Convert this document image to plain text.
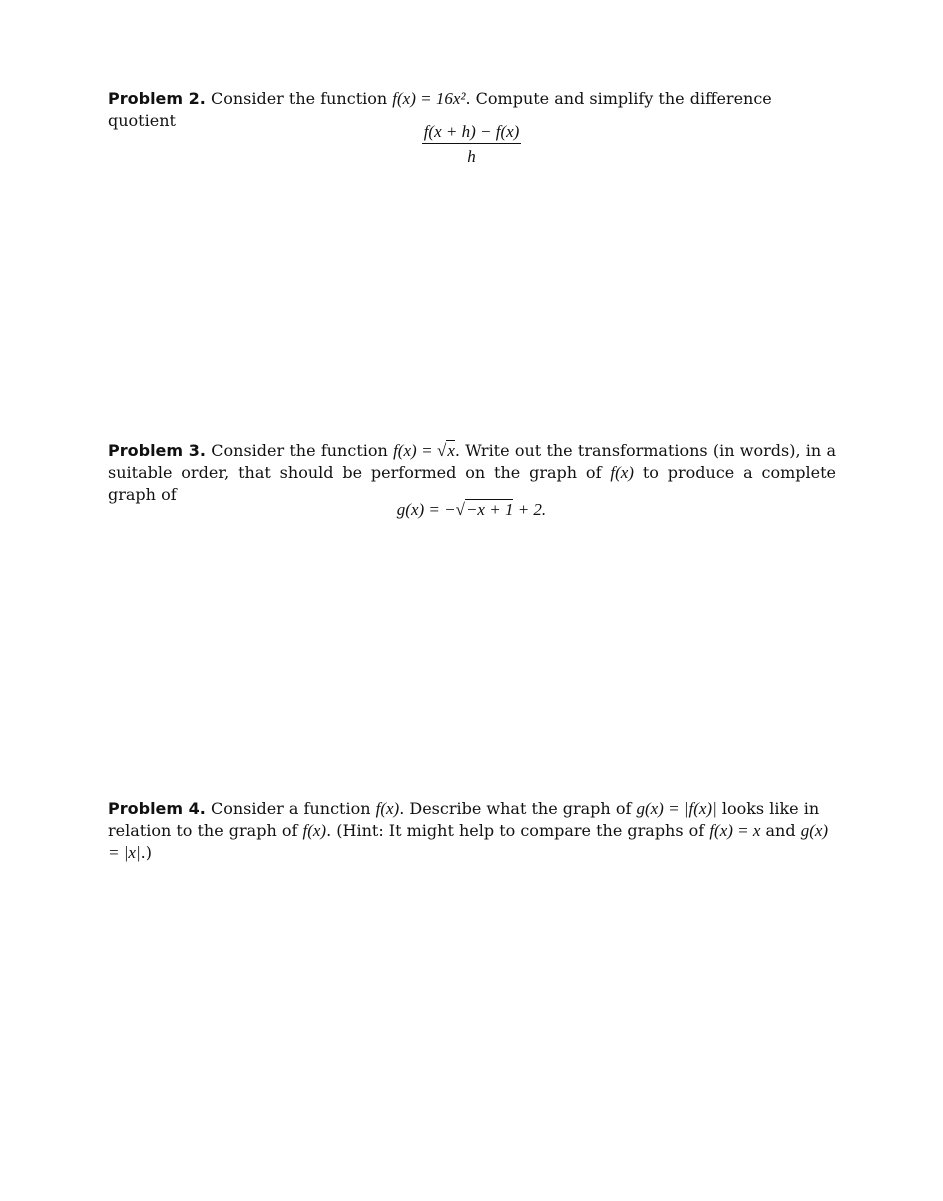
Problem 2. Consider the function f(x) = 16x². Compute and simplify the difference quotient
$\frac{f(x + h) - f(x)}{h}$
Problem 3. Consider the function f(x) = √x. Write out the transformations (in words), in a suitable order, that should be performed on the graph of f(x) to produce a complete graph of
g(x) = −√−x + 1 + 2.
Problem 4. Consider a function f(x). Describe what the graph of g(x) = |f(x)| looks like in relation to the graph of f(x). (Hint: It might help to compare the graphs of f(x) = x and g(x) = |x|.)
